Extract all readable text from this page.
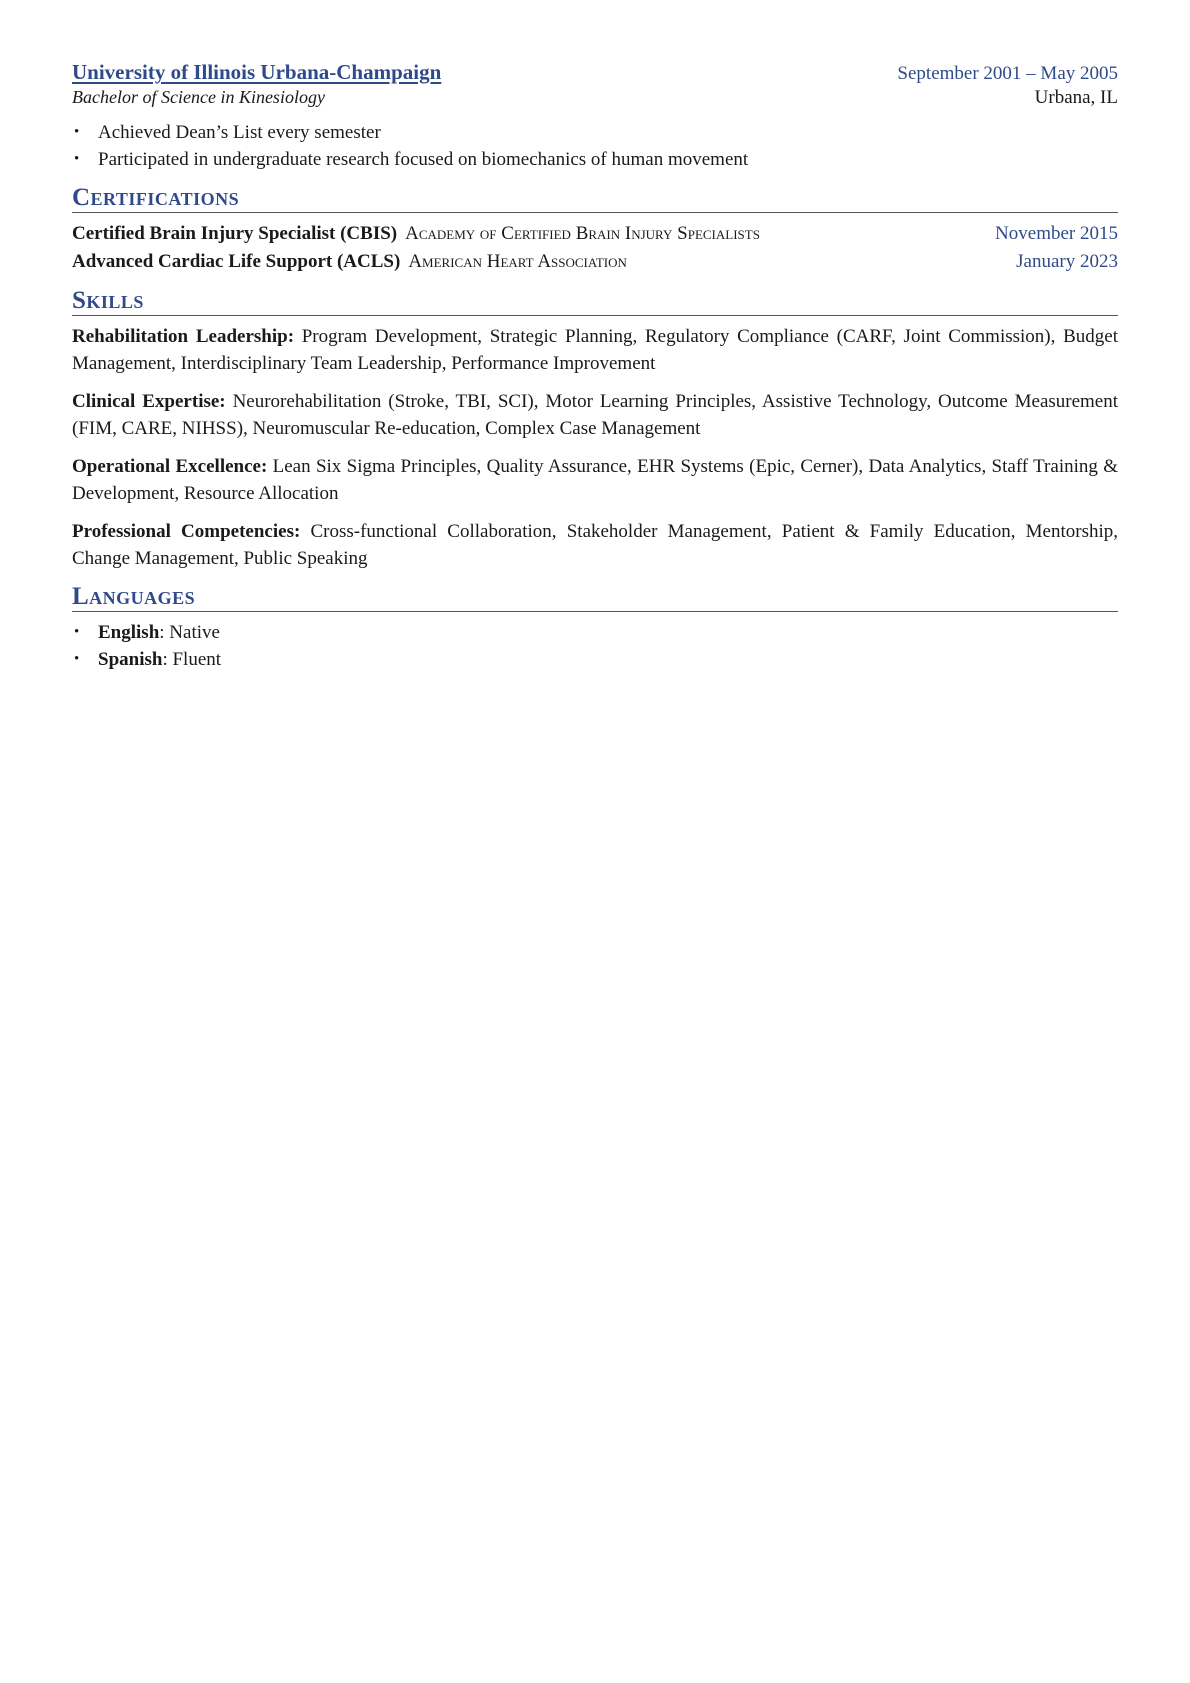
University of Illinois Urbana-Champaign	September 2001 – May 2005
Bachelor of Science in Kinesiology	Urbana, IL
• Achieved Dean’s List every semester
• Participated in undergraduate research focused on biomechanics of human movement
Certifications
Certified Brain Injury Specialist (CBIS) Academy of Certified Brain Injury Specialists	November 2015
Advanced Cardiac Life Support (ACLS) American Heart Association	January 2023
Skills
Rehabilitation Leadership: Program Development, Strategic Planning, Regulatory Compliance (CARF, Joint Commission), Budget Management, Interdisciplinary Team Leadership, Performance Improvement
Clinical Expertise: Neurorehabilitation (Stroke, TBI, SCI), Motor Learning Principles, Assistive Technology, Outcome Measurement (FIM, CARE, NIHSS), Neuromuscular Re-education, Complex Case Management
Operational Excellence: Lean Six Sigma Principles, Quality Assurance, EHR Systems (Epic, Cerner), Data Analytics, Staff Training & Development, Resource Allocation
Professional Competencies: Cross-functional Collaboration, Stakeholder Management, Patient & Family Education, Mentorship, Change Management, Public Speaking
Languages
• English: Native
• Spanish: Fluent
